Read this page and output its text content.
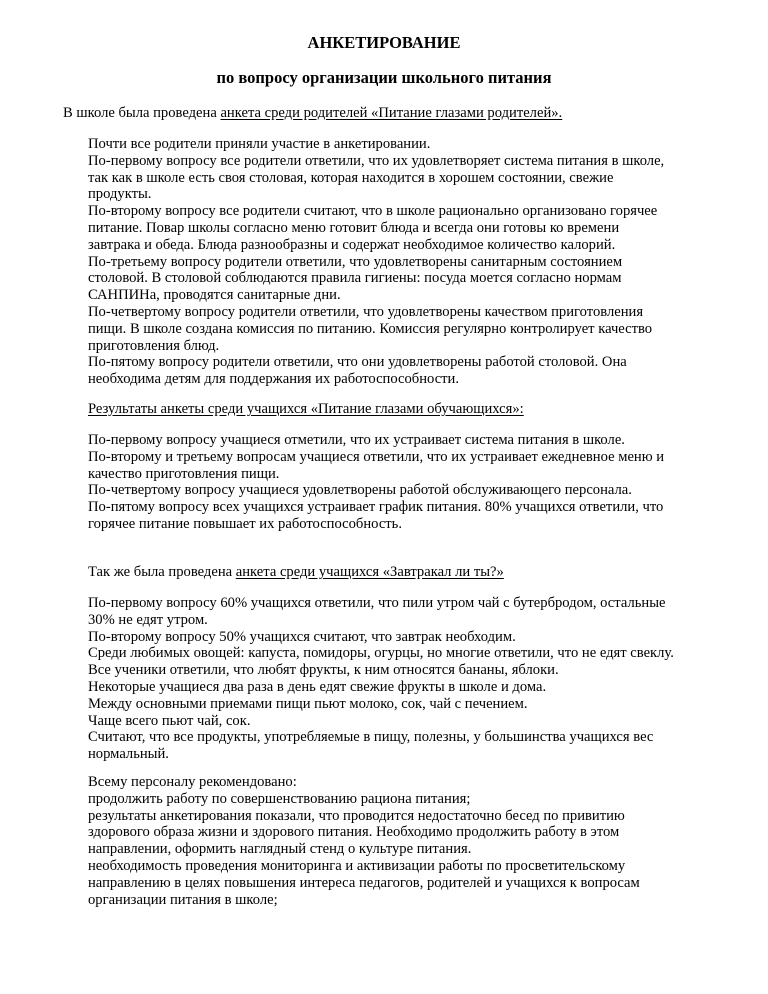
АНКЕТИРОВАНИЕ
по вопросу организации школьного питания
В школе была проведена анкета среди родителей «Питание глазами родителей».
Почти все родители приняли участие в анкетировании.
По-первому вопросу все родители ответили, что их удовлетворяет система питания в школе,
так как в школе есть своя столовая, которая находится в хорошем состоянии, свежие
продукты.
По-второму вопросу все родители считают, что в школе рационально организовано горячее
питание. Повар школы согласно меню готовит блюда и всегда они готовы ко времени
завтрака и обеда. Блюда разнообразны и содержат необходимое количество калорий.
По-третьему вопросу родители ответили, что удовлетворены санитарным состоянием
столовой. В столовой соблюдаются правила гигиены: посуда моется согласно нормам
САНПИНа, проводятся санитарные дни.
По-четвертому вопросу родители ответили, что удовлетворены качеством приготовления
пищи. В школе создана комиссия по питанию. Комиссия регулярно контролирует качество
приготовления блюд.
По-пятому вопросу родители ответили, что они удовлетворены работой столовой. Она
необходима детям для поддержания их работоспособности.
Результаты анкеты среди учащихся «Питание глазами обучающихся»:
По-первому вопросу учащиеся отметили, что их устраивает система питания в школе.
По-второму и третьему вопросам учащиеся ответили, что их устраивает ежедневное меню и
качество приготовления пищи.
По-четвертому вопросу учащиеся удовлетворены работой обслуживающего персонала.
По-пятому вопросу всех учащихся устраивает график питания. 80% учащихся ответили, что
горячее питание повышает их работоспособность.
Так же была проведена анкета среди учащихся «Завтракал ли ты?»
По-первому вопросу 60% учащихся ответили, что пили утром чай с бутербродом, остальные
30% не едят утром.
По-второму вопросу 50% учащихся считают, что завтрак необходим.
Среди любимых овощей: капуста, помидоры, огурцы, но многие ответили, что не едят свеклу.
Все ученики ответили, что любят фрукты, к ним относятся бананы, яблоки.
Некоторые учащиеся два раза в день едят свежие фрукты в школе и дома.
Между основными приемами пищи пьют молоко, сок, чай с печением.
Чаще всего пьют чай, сок.
Считают, что все продукты, употребляемые в пищу, полезны, у большинства учащихся вес
нормальный.
Всему персоналу рекомендовано:
продолжить работу по совершенствованию рациона питания;
результаты анкетирования показали, что проводится недостаточно бесед по привитию
здорового образа жизни и здорового питания. Необходимо продолжить работу в этом
направлении, оформить наглядный стенд о культуре питания.
необходимость проведения мониторинга и активизации работы по просветительскому
направлению в целях повышения интереса педагогов, родителей и учащихся к вопросам
организации питания в школе;
